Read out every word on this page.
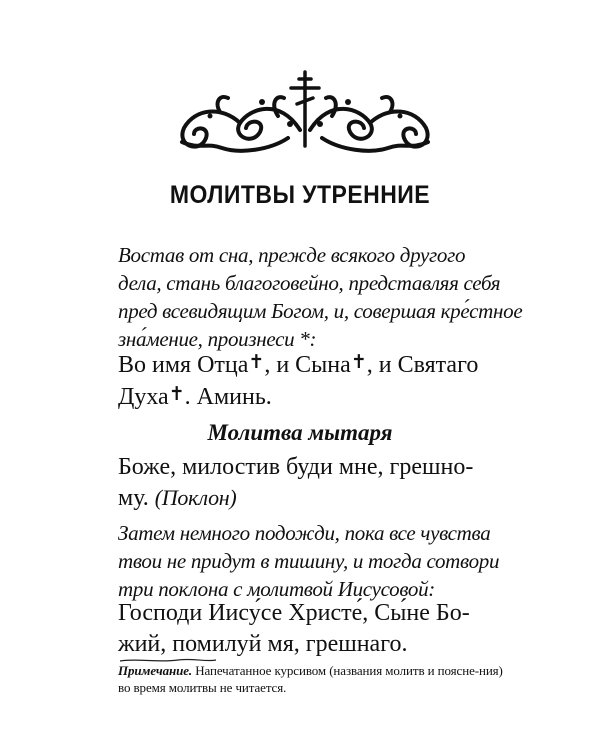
МОЛИТВЫ УТРЕННИЕ
Востав от сна, прежде всякого другого
дела, стань благоговейно, представляя себя
пред всевидящим Богом, и, совершая кре́стное
зна́мение, произнеси *:
Во имя Отца✝, и Сына✝, и Святаго
Духа✝. Аминь.
Молитва мытаря
Боже, милостив буди мне, грешно-
му. (Поклон)
Затем немного подожди, пока все чувства
твои не придут в тишину, и тогда сотвори
три поклона с молитвой Иисусовой:
Господи Иису́се Христе́, Сы́не Бо-
жий, помилуй мя, грешнаго.
Примечание. Напечатанное курсивом (названия молитв и поясне-ния) во время молитвы не читается.
